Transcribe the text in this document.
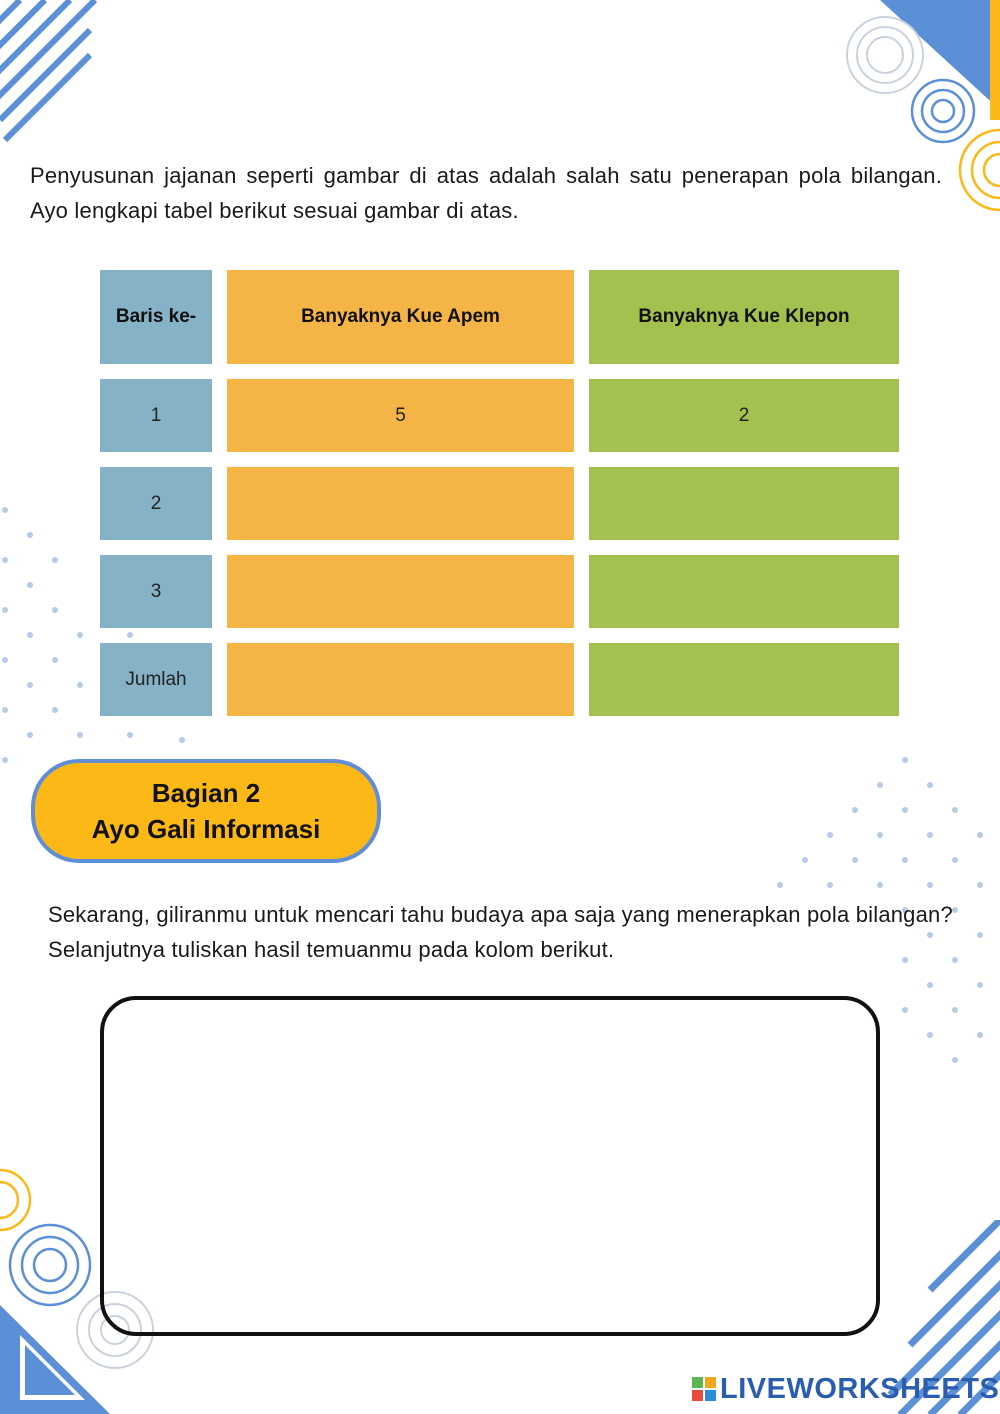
Penyusunan jajanan seperti gambar di atas adalah salah satu penerapan pola bilangan. Ayo lengkapi tabel berikut sesuai gambar di atas.
Baris ke-	Banyaknya Kue Apem	Banyaknya Kue Klepon
1	5	2
2
3
Jumlah
Bagian 2
Ayo Gali Informasi
Sekarang, giliranmu untuk mencari tahu budaya apa saja yang menerapkan pola bilangan? Selanjutnya tuliskan hasil temuanmu pada kolom berikut.
LIVEWORKSHEETS
